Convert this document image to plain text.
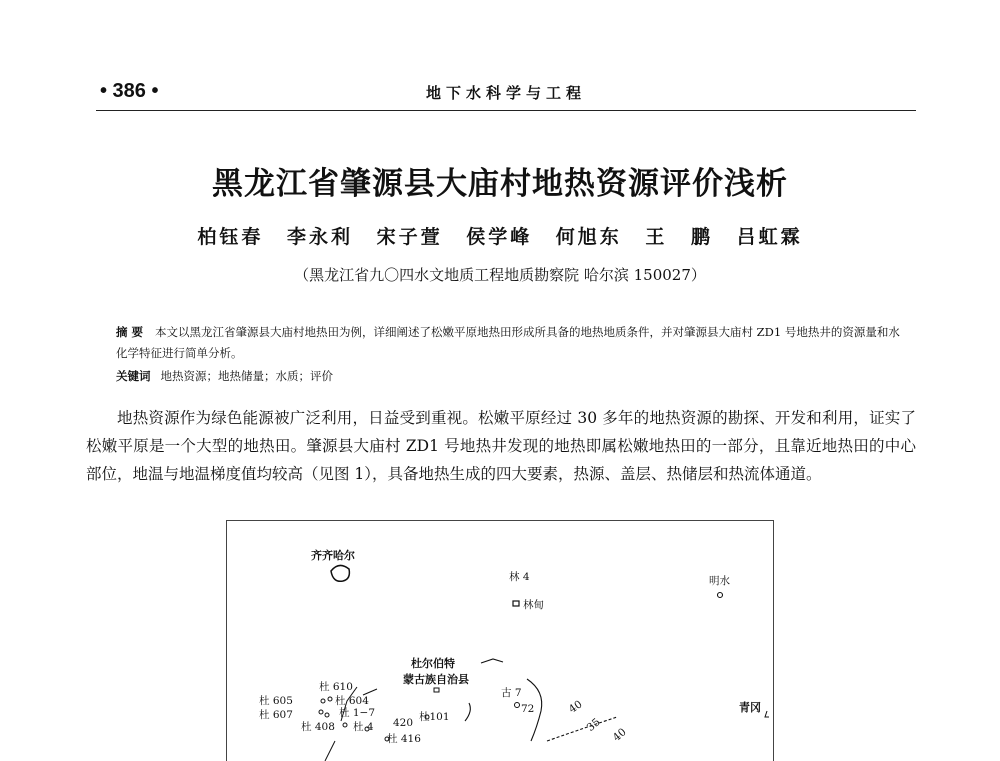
• 386 •	地下水科学与工程
黑龙江省肇源县大庙村地热资源评价浅析
柏钰春 李永利 宋子萱 侯学峰 何旭东 王 鹏 吕虹霖
（黑龙江省九〇四水文地质工程地质勘察院 哈尔滨 150027）
摘 要 本文以黑龙江省肇源县大庙村地热田为例，详细阐述了松嫩平原地热田形成所具备的地热地质条件，并对肇源县大庙村 ZD1 号地热井的资源量和水化学特征进行简单分析。
关键词 地热资源；地热储量；水质；评价
地热资源作为绿色能源被广泛利用，日益受到重视。松嫩平原经过 30 多年的地热资源的勘探、开发和利用，证实了松嫩平原是一个大型的地热田。肇源县大庙村 ZD1 号地热井发现的地热即属松嫩地热田的一部分，且靠近地热田的中心部位，地温与地温梯度值均较高（见图 1），具备地热生成的四大要素，热源、盖层、热储层和热流体通道。
齐齐哈尔
林 4
林甸
明水
杜尔伯特
蒙古族自治县
古 7
青冈
杜 610
杜 605	杜 604
杜 607	杜 1−7
杜 408 杜 4 420 杜101
杜 416
72	40
35
40
